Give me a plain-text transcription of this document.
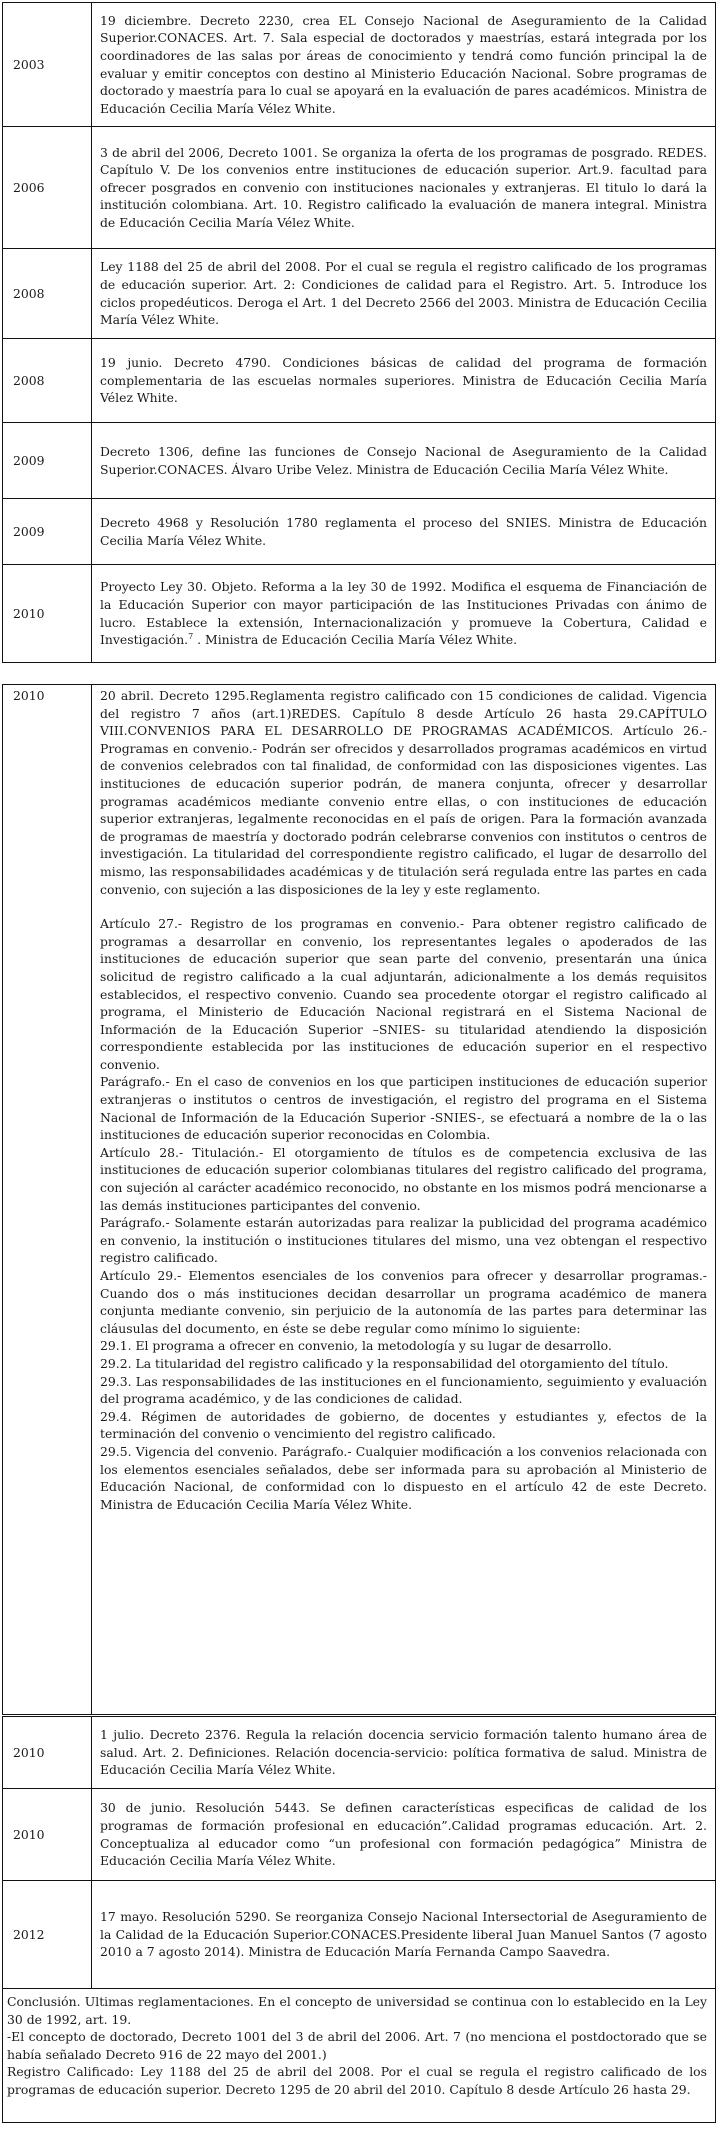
2003	19 diciembre. Decreto 2230, crea EL Consejo Nacional de Aseguramiento de la Calidad Superior.CONACES. Art. 7. Sala especial de doctorados y maestrías, estará integrada por los coordinadores de las salas por áreas de conocimiento y tendrá como función principal la de evaluar y emitir conceptos con destino al Ministerio Educación Nacional. Sobre programas de doctorado y maestría para lo cual se apoyará en la evaluación de pares académicos. Ministra de Educación Cecilia María Vélez White.
2006	3 de abril del 2006, Decreto 1001. Se organiza la oferta de los programas de posgrado. REDES. Capítulo V. De los convenios entre instituciones de educación superior. Art.9. facultad para ofrecer posgrados en convenio con instituciones nacionales y extranjeras. El titulo lo dará la institución colombiana. Art. 10. Registro calificado la evaluación de manera integral. Ministra de Educación Cecilia María Vélez White.
2008	Ley 1188 del 25 de abril del 2008. Por el cual se regula el registro calificado de los programas de educación superior. Art. 2: Condiciones de calidad para el Registro. Art. 5. Introduce los ciclos propedéuticos. Deroga el Art. 1 del Decreto 2566 del 2003. Ministra de Educación Cecilia María Vélez White.
2008	19 junio. Decreto 4790. Condiciones básicas de calidad del programa de formación complementaria de las escuelas normales superiores. Ministra de Educación Cecilia María Vélez White.
2009	Decreto 1306, define las funciones de Consejo Nacional de Aseguramiento de la Calidad Superior.CONACES. Álvaro Uribe Velez. Ministra de Educación Cecilia María Vélez White.
2009	Decreto 4968 y Resolución 1780 reglamenta el proceso del SNIES. Ministra de Educación Cecilia María Vélez White.
2010	Proyecto Ley 30. Objeto. Reforma a la ley 30 de 1992. Modifica el esquema de Financiación de la Educación Superior con mayor participación de las Instituciones Privadas con ánimo de lucro. Establece la extensión, Internacionalización y promueve la Cobertura, Calidad e Investigación.$^7$ . Ministra de Educación Cecilia María Vélez White.
2010	20 abril. Decreto 1295.Reglamenta registro calificado con 15 condiciones de calidad. Vigencia del registro 7 años (art.1)REDES. Capítulo 8 desde Artículo 26 hasta 29.CAPÍTULO VIII.CONVENIOS PARA EL DESARROLLO DE PROGRAMAS ACADÉMICOS. Artículo 26.- Programas en convenio.- Podrán ser ofrecidos y desarrollados programas académicos en virtud de convenios celebrados con tal finalidad, de conformidad con las disposiciones vigentes. Las instituciones de educación superior podrán, de manera conjunta, ofrecer y desarrollar programas académicos mediante convenio entre ellas, o con instituciones de educación superior extranjeras, legalmente reconocidas en el país de origen. Para la formación avanzada de programas de maestría y doctorado podrán celebrarse convenios con institutos o centros de investigación. La titularidad del correspondiente registro calificado, el lugar de desarrollo del mismo, las responsabilidades académicas y de titulación será regulada entre las partes en cada convenio, con sujeción a las disposiciones de la ley y este reglamento.

Artículo 27.- Registro de los programas en convenio.- Para obtener registro calificado de programas a desarrollar en convenio, los representantes legales o apoderados de las instituciones de educación superior que sean parte del convenio, presentarán una única solicitud de registro calificado a la cual adjuntarán, adicionalmente a los demás requisitos establecidos, el respectivo convenio. Cuando sea procedente otorgar el registro calificado al programa, el Ministerio de Educación Nacional registrará en el Sistema Nacional de Información de la Educación Superior –SNIES- su titularidad atendiendo la disposición correspondiente establecida por las instituciones de educación superior en el respectivo convenio.

Parágrafo.- En el caso de convenios en los que participen instituciones de educación superior extranjeras o institutos o centros de investigación, el registro del programa en el Sistema Nacional de Información de la Educación Superior -SNIES-, se efectuará a nombre de la o las instituciones de educación superior reconocidas en Colombia.

Artículo 28.- Titulación.- El otorgamiento de títulos es de competencia exclusiva de las instituciones de educación superior colombianas titulares del registro calificado del programa, con sujeción al carácter académico reconocido, no obstante en los mismos podrá mencionarse a las demás instituciones participantes del convenio.

Parágrafo.- Solamente estarán autorizadas para realizar la publicidad del programa académico en convenio, la institución o instituciones titulares del mismo, una vez obtengan el respectivo registro calificado.

Artículo 29.- Elementos esenciales de los convenios para ofrecer y desarrollar programas.- Cuando dos o más instituciones decidan desarrollar un programa académico de manera conjunta mediante convenio, sin perjuicio de la autonomía de las partes para determinar las cláusulas del documento, en éste se debe regular como mínimo lo siguiente:

29.1. El programa a ofrecer en convenio, la metodología y su lugar de desarrollo.

29.2. La titularidad del registro calificado y la responsabilidad del otorgamiento del título.

29.3. Las responsabilidades de las instituciones en el funcionamiento, seguimiento y evaluación del programa académico, y de las condiciones de calidad.

29.4. Régimen de autoridades de gobierno, de docentes y estudiantes y, efectos de la terminación del convenio o vencimiento del registro calificado.

29.5. Vigencia del convenio. Parágrafo.- Cualquier modificación a los convenios relacionada con los elementos esenciales señalados, debe ser informada para su aprobación al Ministerio de Educación Nacional, de conformidad con lo dispuesto en el artículo 42 de este Decreto. Ministra de Educación Cecilia María Vélez White.

2010	1 julio. Decreto 2376. Regula la relación docencia servicio formación talento humano área de salud. Art. 2. Definiciones. Relación docencia-servicio: política formativa de salud. Ministra de Educación Cecilia María Vélez White.
2010	30 de junio. Resolución 5443. Se definen características especificas de calidad de los programas de formación profesional en educación”.Calidad programas educación. Art. 2. Conceptualiza al educador como “un profesional con formación pedagógica” Ministra de Educación Cecilia María Vélez White.
2012	17 mayo. Resolución 5290. Se reorganiza Consejo Nacional Intersectorial de Aseguramiento de la Calidad de la Educación Superior.CONACES.Presidente liberal Juan Manuel Santos (7 agosto 2010 a 7 agosto 2014). Ministra de Educación María Fernanda Campo Saavedra.

Conclusión. Ultimas reglamentaciones. En el concepto de universidad se continua con lo establecido en la Ley 30 de 1992, art. 19.

-El concepto de doctorado, Decreto 1001 del 3 de abril del 2006. Art. 7 (no menciona el postdoctorado que se había señalado Decreto 916 de 22 mayo del 2001.)

Registro Calificado: Ley 1188 del 25 de abril del 2008. Por el cual se regula el registro calificado de los programas de educación superior. Decreto 1295 de 20 abril del 2010. Capítulo 8 desde Artículo 26 hasta 29.	
